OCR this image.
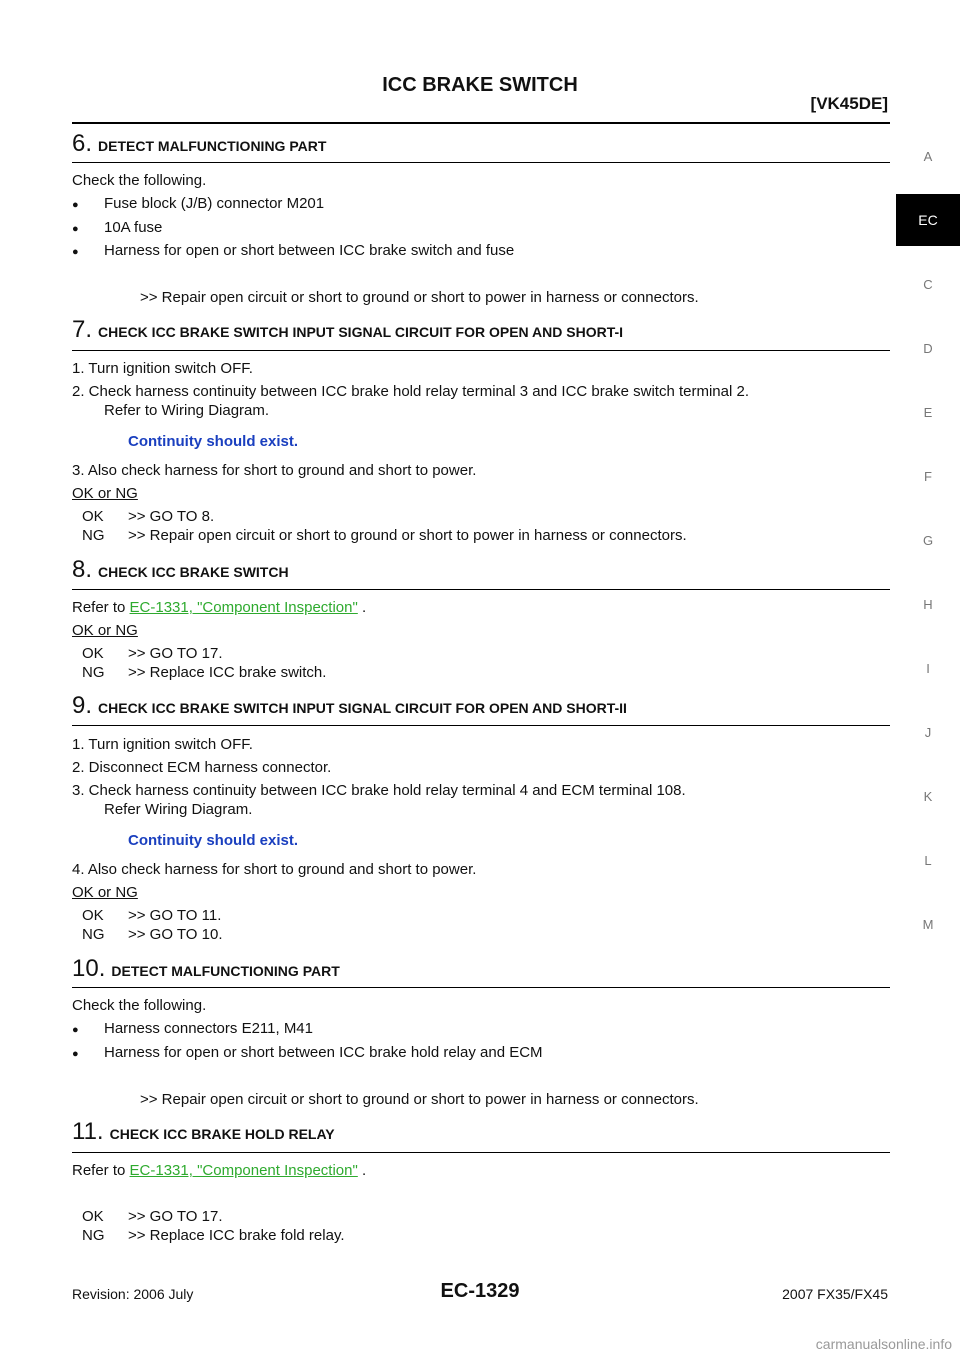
ICC BRAKE SWITCH
[VK45DE]
A
EC
C
D
E
F
G
H
I
J
K
L
M
6. DETECT MALFUNCTIONING PART
Check the following.
● Fuse block (J/B) connector M201
● 10A fuse
● Harness for open or short between ICC brake switch and fuse
>> Repair open circuit or short to ground or short to power in harness or connectors.
7. CHECK ICC BRAKE SWITCH INPUT SIGNAL CIRCUIT FOR OPEN AND SHORT-I
1. Turn ignition switch OFF.
2. Check harness continuity between ICC brake hold relay terminal 3 and ICC brake switch terminal 2.
Refer to Wiring Diagram.
Continuity should exist.
3. Also check harness for short to ground and short to power.
OK or NG
OK >> GO TO 8.
NG >> Repair open circuit or short to ground or short to power in harness or connectors.
8. CHECK ICC BRAKE SWITCH
Refer to EC-1331, "Component Inspection" .
OK or NG
OK >> GO TO 17.
NG >> Replace ICC brake switch.
9. CHECK ICC BRAKE SWITCH INPUT SIGNAL CIRCUIT FOR OPEN AND SHORT-II
1. Turn ignition switch OFF.
2. Disconnect ECM harness connector.
3. Check harness continuity between ICC brake hold relay terminal 4 and ECM terminal 108.
Refer Wiring Diagram.
Continuity should exist.
4. Also check harness for short to ground and short to power.
OK or NG
OK >> GO TO 11.
NG >> GO TO 10.
10. DETECT MALFUNCTIONING PART
Check the following.
● Harness connectors E211, M41
● Harness for open or short between ICC brake hold relay and ECM
>> Repair open circuit or short to ground or short to power in harness or connectors.
11. CHECK ICC BRAKE HOLD RELAY
Refer to EC-1331, "Component Inspection" .
OK >> GO TO 17.
NG >> Replace ICC brake fold relay.
Revision: 2006 July	EC-1329	2007 FX35/FX45
carmanualsonline.info
